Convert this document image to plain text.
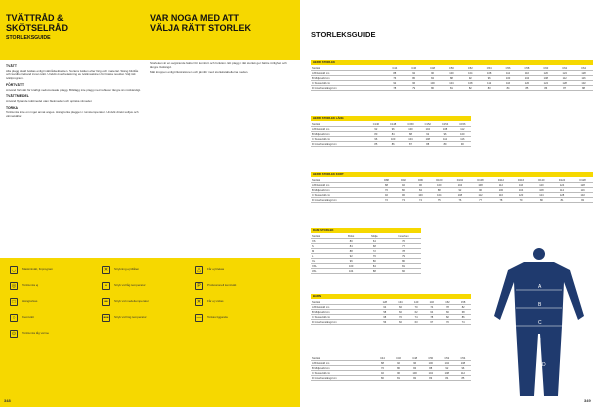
TVÄTTRÅD &
SKÖTSELRÅD
STORLEKSGUIDE
VAR NOGA MED ATT
VÄLJA RÄTT STORLEK
STORLEKSGUIDE
TVÄTT

Alla plagg skall tvättas enligt tvättrådsetiketten. Sortera tvätten efter färg och material. Stäng blixtlås och kardborreband innan tvätt. Undvik överbelastning av tvättmaskinen för bästa resultat. Välj rätt tvättprogram.

FÖRTVÄTT

Använd förtvätt för kraftigt nedsmutsade plagg. Blötlägg inte plagg med reflexer längre än nödvändigt.

TVÄTTMEDEL

Använd flytande tvättmedel utan blekmedel och optiska vitmedel.

TORKA

Torktumla inte om inget annat anges. Hängtorka plaggen i rumstemperatur. Undvik direkt solljus och värmekällor.

Storleken är en avgörande faktor för komfort och funktion. Ett plagg i rätt storlek ger bättre rörlighet och längre livslängd.

Mät kroppen enligt illustrationen och jämför med storlekstabellerna nedan.

◡	Maskintvätt, finprogram	✕	Strykning ej tillåten	△	Får ej blekas
◎	Torktumla ej	•	Stryk vid låg temperatur	P	Professionell kemtvätt
□	Hängtorkas	••	Stryk vid medeltemperatur	✕	Får ej vridas
○	Kemtvätt	•••	Stryk vid hög temperatur	—	Torkas liggande
⊙	Torktumla låg värme
348	349
HERR STORLEK
Storlek	C44	C46	C48	C50	C52	C54	C56	C58	C60	C62	C64
A Bröstvidd cm	88	92	96	100	104	108	112	116	120	124	128
B Midjevidd cm	76	80	84	88	92	96	100	104	108	112	116
C Stussvidd cm	92	96	100	104	108	112	116	120	124	128	132
D Innerbenslängd cm	78	79	80	81	82	83	84	85	86	87	88
HERR STORLEK LÅNG
Storlek	C146	C148	C150	C152	C154	C156
A Bröstvidd cm	92	96	100	104	108	112
B Midjevidd cm	80	84	88	92	96	100
C Stussvidd cm	96	100	104	108	112	116
D Innerbenslängd cm	85	86	87	88	89	90
HERR STORLEK KORT
Storlek	D88	D92	D96	D100	D104	D108	D112	D116	D120	D124	D128
A Bröstvidd cm	88	92	96	100	104	108	112	116	120	124	128
B Midjevidd cm	76	80	84	88	92	96	100	104	108	112	116
C Stussvidd cm	92	96	100	104	108	112	116	120	124	128	132
D Innerbenslängd cm	72	73	74	75	76	77	78	79	80	81	82
DAM STORLEK
Storlek	Bröst	Midja	Innerben
XS	80	64	76
S	84	68	77
M	88	72	78
L	92	76	79
XL	96	80	80
XXL	100	84	81
3XL	104	88	82
BARN
Storlek	128	134	140	146	152	158
A Bröstvidd cm	64	66	70	74	78	82
B Midjevidd cm	58	60	62	64	66	68
C Stussvidd cm	68	70	74	78	82	86
D Innerbenslängd cm	56	60	63	67	70	74
Storlek	C44	C46	C48	C50	C52	C54
A Bröstvidd cm	88	92	96	100	104	108
B Midjevidd cm	76	80	84	88	92	96
C Stussvidd cm	92	96	100	104	108	112
D Innerbenslängd cm	80	81	82	83	84	85
A
B
C
D
